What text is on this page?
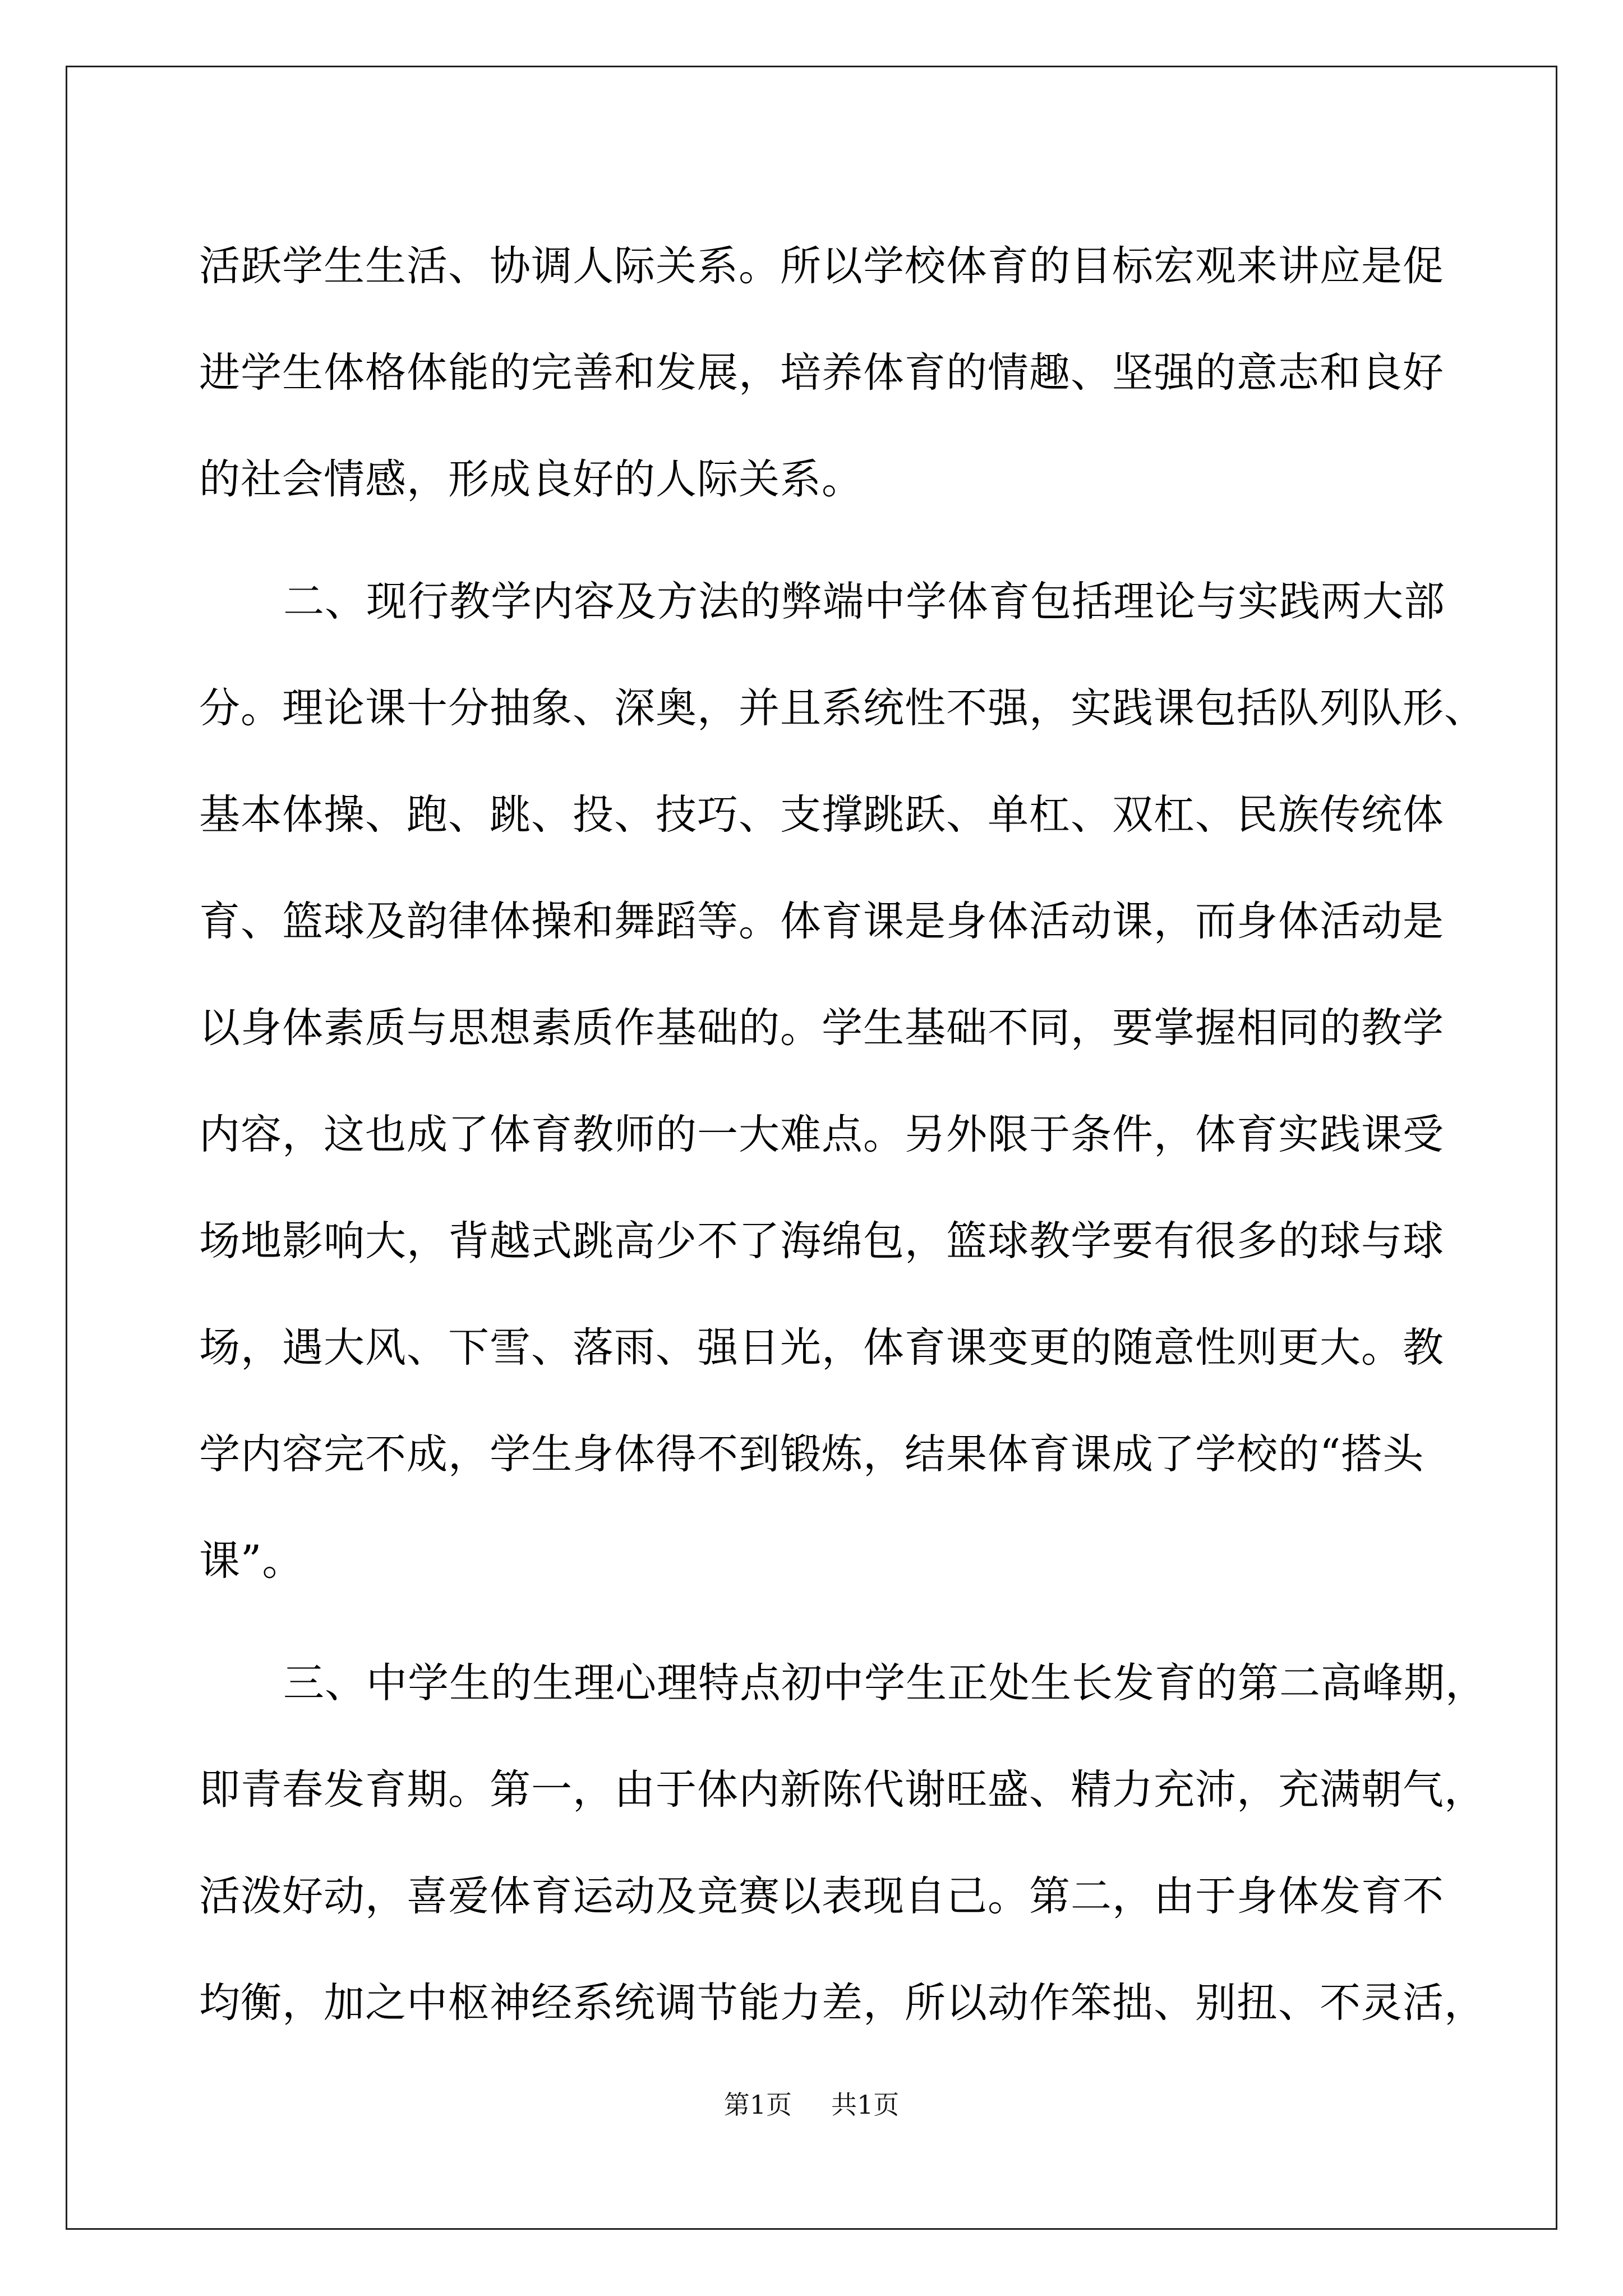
活跃学生生活、协调人际关系。所以学校体育的目标宏观来讲应是促
进学生体格体能的完善和发展，培养体育的情趣、坚强的意志和良好
的社会情感，形成良好的人际关系。
二、现行教学内容及方法的弊端中学体育包括理论与实践两大部
分。理论课十分抽象、深奥，并且系统性不强，实践课包括队列队形、
基本体操、跑、跳、投、技巧、支撑跳跃、单杠、双杠、民族传统体
育、篮球及韵律体操和舞蹈等。体育课是身体活动课，而身体活动是
以身体素质与思想素质作基础的。学生基础不同，要掌握相同的教学
内容，这也成了体育教师的一大难点。另外限于条件，体育实践课受
场地影响大，背越式跳高少不了海绵包，篮球教学要有很多的球与球
场，遇大风、下雪、落雨、强日光，体育课变更的随意性则更大。教
学内容完不成，学生身体得不到锻炼，结果体育课成了学校的“搭头
课”。
三、中学生的生理心理特点初中学生正处生长发育的第二高峰期，
即青春发育期。第一，由于体内新陈代谢旺盛、精力充沛，充满朝气，
活泼好动，喜爱体育运动及竞赛以表现自己。第二，由于身体发育不
均衡，加之中枢神经系统调节能力差，所以动作笨拙、别扭、不灵活，
第1页 共1页
